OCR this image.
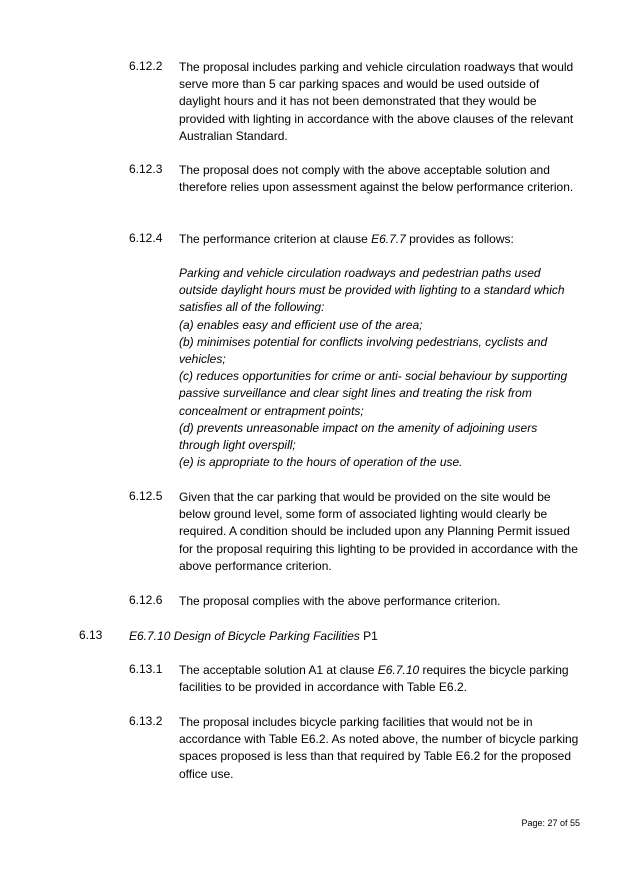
6.12.2 The proposal includes parking and vehicle circulation roadways that would serve more than 5 car parking spaces and would be used outside of daylight hours and it has not been demonstrated that they would be provided with lighting in accordance with the above clauses of the relevant Australian Standard.
6.12.3 The proposal does not comply with the above acceptable solution and therefore relies upon assessment against the below performance criterion.
6.12.4 The performance criterion at clause E6.7.7 provides as follows:
Parking and vehicle circulation roadways and pedestrian paths used outside daylight hours must be provided with lighting to a standard which satisfies all of the following:
(a) enables easy and efficient use of the area;
(b) minimises potential for conflicts involving pedestrians, cyclists and vehicles;
(c) reduces opportunities for crime or anti- social behaviour by supporting passive surveillance and clear sight lines and treating the risk from concealment or entrapment points;
(d) prevents unreasonable impact on the amenity of adjoining users through light overspill;
(e) is appropriate to the hours of operation of the use.
6.12.5 Given that the car parking that would be provided on the site would be below ground level, some form of associated lighting would clearly be required. A condition should be included upon any Planning Permit issued for the proposal requiring this lighting to be provided in accordance with the above performance criterion.
6.12.6 The proposal complies with the above performance criterion.
6.13 E6.7.10 Design of Bicycle Parking Facilities P1
6.13.1 The acceptable solution A1 at clause E6.7.10 requires the bicycle parking facilities to be provided in accordance with Table E6.2.
6.13.2 The proposal includes bicycle parking facilities that would not be in accordance with Table E6.2. As noted above, the number of bicycle parking spaces proposed is less than that required by Table E6.2 for the proposed office use.
Page: 27 of 55
